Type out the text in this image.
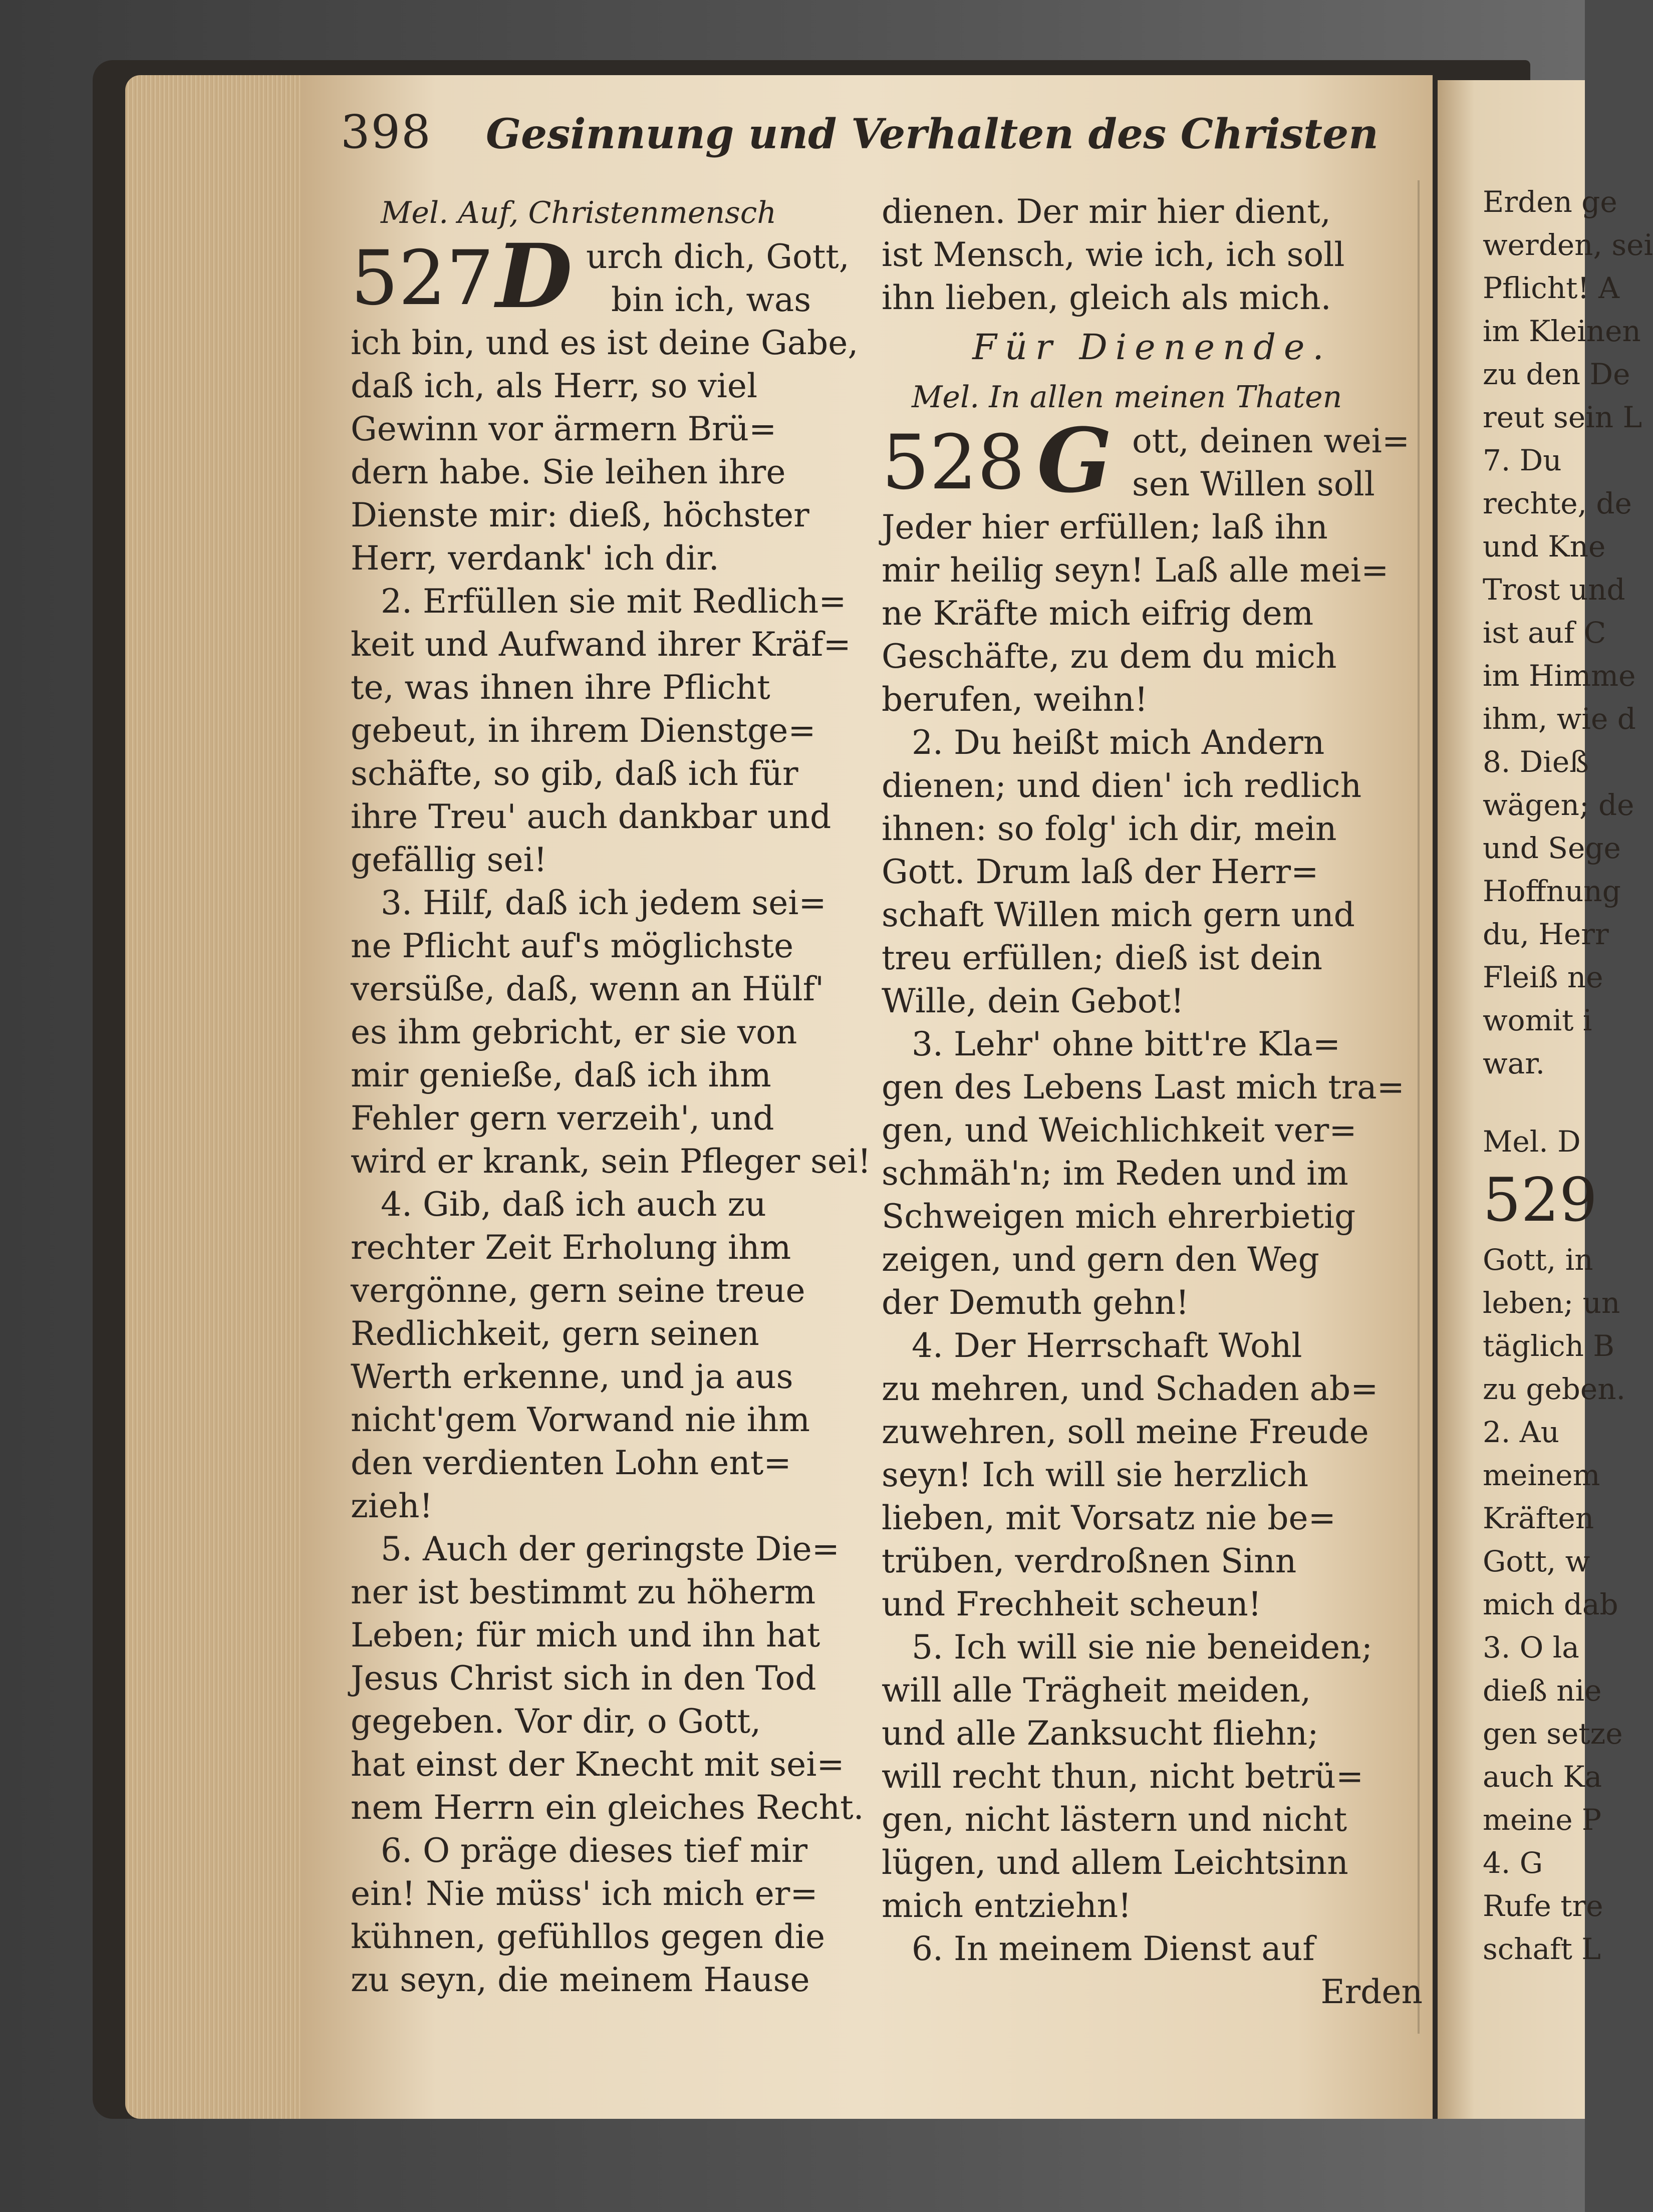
398 Gesinnung und Verhalten des Christen
Mel. Auf, Christenmensch
527 D urch dich, Gott,
bin ich, was
ich bin, und es ist deine Gabe,
daß ich, als Herr, so viel
Gewinn vor ärmern Brü=
dern habe. Sie leihen ihre
Dienste mir: dieß, höchster
Herr, verdank' ich dir.
2. Erfüllen sie mit Redlich=
keit und Aufwand ihrer Kräf=
te, was ihnen ihre Pflicht
gebeut, in ihrem Dienstge=
schäfte, so gib, daß ich für
ihre Treu' auch dankbar und
gefällig sei!
3. Hilf, daß ich jedem sei=
ne Pflicht auf's möglichste
versüße, daß, wenn an Hülf'
es ihm gebricht, er sie von
mir genieße, daß ich ihm
Fehler gern verzeih', und
wird er krank, sein Pfleger sei!
4. Gib, daß ich auch zu
rechter Zeit Erholung ihm
vergönne, gern seine treue
Redlichkeit, gern seinen
Werth erkenne, und ja aus
nicht'gem Vorwand nie ihm
den verdienten Lohn ent=
zieh!
5. Auch der geringste Die=
ner ist bestimmt zu höherm
Leben; für mich und ihn hat
Jesus Christ sich in den Tod
gegeben. Vor dir, o Gott,
hat einst der Knecht mit sei=
nem Herrn ein gleiches Recht.
6. O präge dieses tief mir
ein! Nie müss' ich mich er=
kühnen, gefühllos gegen die
zu seyn, die meinem Hause
dienen. Der mir hier dient,
ist Mensch, wie ich, ich soll
ihn lieben, gleich als mich.
Für Dienende.
Mel. In allen meinen Thaten
528 G ott, deinen wei=
sen Willen soll
Jeder hier erfüllen; laß ihn
mir heilig seyn! Laß alle mei=
ne Kräfte mich eifrig dem
Geschäfte, zu dem du mich
berufen, weihn!
2. Du heißt mich Andern
dienen; und dien' ich redlich
ihnen: so folg' ich dir, mein
Gott. Drum laß der Herr=
schaft Willen mich gern und
treu erfüllen; dieß ist dein
Wille, dein Gebot!
3. Lehr' ohne bitt're Kla=
gen des Lebens Last mich tra=
gen, und Weichlichkeit ver=
schmäh'n; im Reden und im
Schweigen mich ehrerbietig
zeigen, und gern den Weg
der Demuth gehn!
4. Der Herrschaft Wohl
zu mehren, und Schaden ab=
zuwehren, soll meine Freude
seyn! Ich will sie herzlich
lieben, mit Vorsatz nie be=
trüben, verdroßnen Sinn
und Frechheit scheun!
5. Ich will sie nie beneiden;
will alle Trägheit meiden,
und alle Zanksucht fliehn;
will recht thun, nicht betrü=
gen, nicht lästern und nicht
lügen, und allem Leichtsinn
mich entziehn!
6. In meinem Dienst auf
Erden
Erden ge
werden, sei
Pflicht! A
im Kleinen
zu den De
reut sein L
7. Du
rechte, de
und Kne
Trost und
ist auf C
im Himme
ihm, wie d
8. Dieß
wägen; de
und Sege
Hoffnung
du, Herr
Fleiß ne
womit i
war.
Mel. D
529
Gott, in
leben; un
täglich B
zu geben.
2. Au
meinem
Kräften
Gott, w
mich dab
3. O la
dieß nie
gen setze
auch Ka
meine P
4. G
Rufe tre
schaft L
